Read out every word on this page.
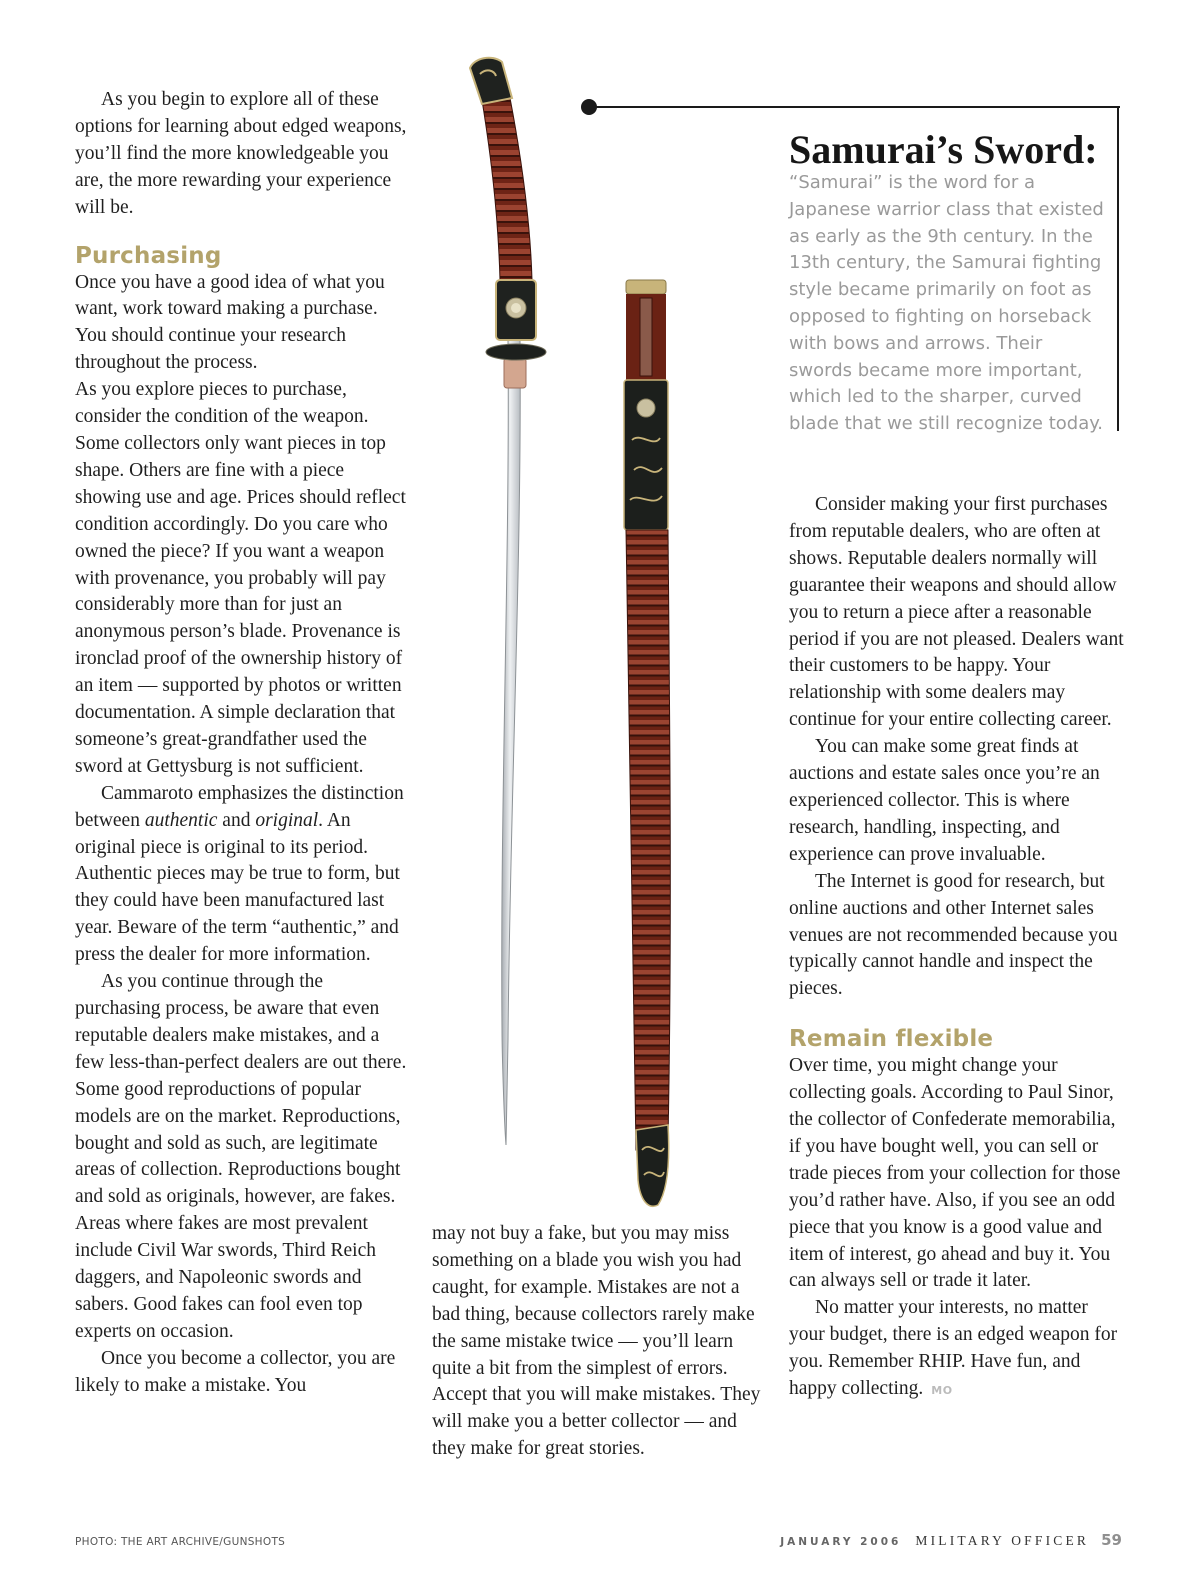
As you begin to explore all of these options for learning about edged weapons, you’ll find the more knowledgeable you are, the more rewarding your experience will be.

Purchasing

Once you have a good idea of what you want, work toward making a purchase. You should continue your research throughout the process.

As you explore pieces to purchase, consider the condition of the weapon. Some collectors only want pieces in top shape. Others are fine with a piece showing use and age. Prices should reflect condition accordingly. Do you care who owned the piece? If you want a weapon with provenance, you probably will pay considerably more than for just an anonymous person’s blade. Provenance is ironclad proof of the ownership history of an item — supported by photos or written documentation. A simple declaration that someone’s great-grandfather used the sword at Gettysburg is not sufficient.

Cammaroto emphasizes the distinction between authentic and original. An original piece is original to its period. Authentic pieces may be true to form, but they could have been manufactured last year. Beware of the term “authentic,” and press the dealer for more information.

As you continue through the purchasing process, be aware that even reputable dealers make mistakes, and a few less-than-perfect dealers are out there. Some good reproductions of popular models are on the market. Reproductions, bought and sold as such, are legitimate areas of collection. Reproductions bought and sold as originals, however, are fakes. Areas where fakes are most prevalent include Civil War swords, Third Reich daggers, and Napoleonic swords and sabers. Good fakes can fool even top experts on occasion.

Once you become a collector, you are likely to make a mistake. You

may not buy a fake, but you may miss something on a blade you wish you had caught, for example. Mistakes are not a bad thing, because collectors rarely make the same mistake twice — you’ll learn quite a bit from the simplest of errors. Accept that you will make mistakes. They will make you a better collector — and they make for great stories.

Samurai’s Sword:

“Samurai” is the word for a Japanese warrior class that existed as early as the 9th century. In the 13th century, the Samurai fighting style became primarily on foot as opposed to fighting on horseback with bows and arrows. Their swords became more important, which led to the sharper, curved blade that we still recognize today.

Consider making your first purchases from reputable dealers, who are often at shows. Reputable dealers normally will guarantee their weapons and should allow you to return a piece after a reasonable period if you are not pleased. Dealers want their customers to be happy. Your relationship with some dealers may continue for your entire collecting career.

You can make some great finds at auctions and estate sales once you’re an experienced collector. This is where research, handling, inspecting, and experience can prove invaluable.

The Internet is good for research, but online auctions and other Internet sales venues are not recommended because you typically cannot handle and inspect the pieces.

Remain flexible

Over time, you might change your collecting goals. According to Paul Sinor, the collector of Confederate memorabilia, if you have bought well, you can sell or trade pieces from your collection for those you’d rather have. Also, if you see an odd piece that you know is a good value and item of interest, go ahead and buy it. You can always sell or trade it later.

No matter your interests, no matter your budget, there is an edged weapon for you. Remember RHIP. Have fun, and happy collecting. MO

PHOTO: THE ART ARCHIVE/GUNSHOTS	JANUARY 2006 MILITARY OFFICER 59
